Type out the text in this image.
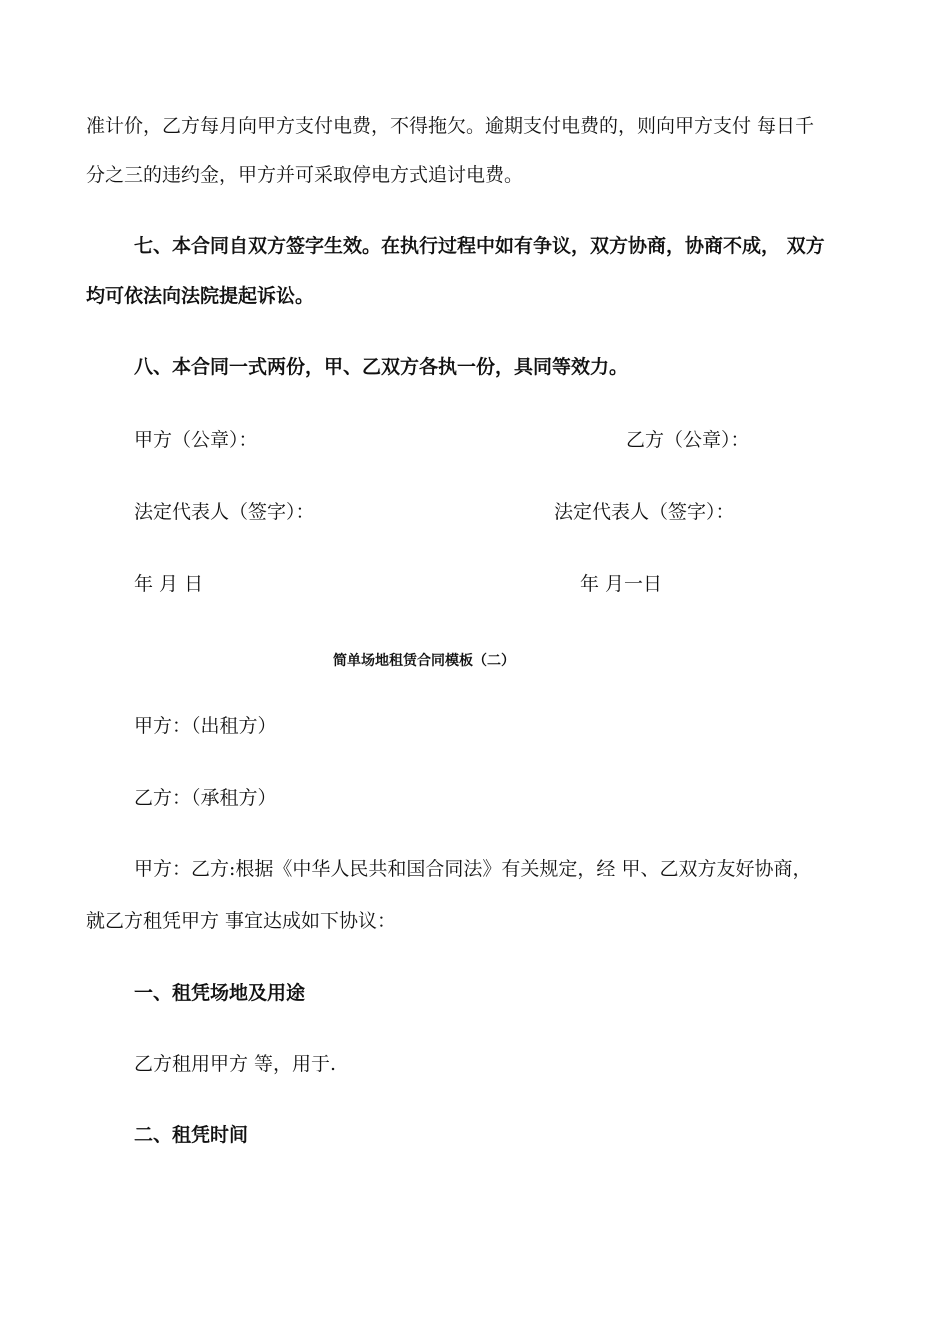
准计价，乙方每月向甲方支付电费，不得拖欠。逾期支付电费的，则向甲方支付 每日千
分之三的违约金，甲方并可采取停电方式追讨电费。
七、本合同自双方签字生效。在执行过程中如有争议，双方协商，协商不成， 双方
均可依法向法院提起诉讼。
八、本合同一式两份，甲、乙双方各执一份，具同等效力。
甲方（公章）：	乙方（公章）：
法定代表人（签字）：	法定代表人（签字）：
年 月 日	年 月一日
简单场地租赁合同模板（二）
甲方：（出租方）
乙方：（承租方）
甲方：乙方:根据《中华人民共和国合同法》有关规定，经 甲、乙双方友好协商，
就乙方租凭甲方 事宜达成如下协议：
一、租凭场地及用途
乙方租用甲方 等，用于.
二、租凭时间
